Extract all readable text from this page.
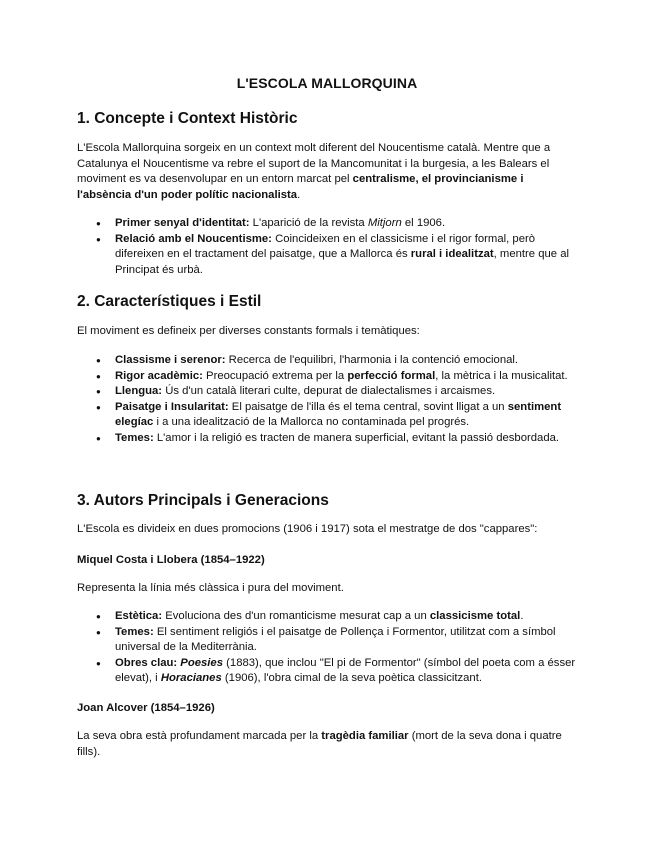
L'ESCOLA MALLORQUINA
1. Concepte i Context Històric

L'Escola Mallorquina sorgeix en un context molt diferent del Noucentisme català. Mentre que a Catalunya el Noucentisme va rebre el suport de la Mancomunitat i la burgesia, a les Balears el moviment es va desenvolupar en un entorn marcat pel centralisme, el provincianisme i l'absència d'un poder polític nacionalista.

● Primer senyal d'identitat: L'aparició de la revista Mitjorn el 1906.
● Relació amb el Noucentisme: Coincideixen en el classicisme i el rigor formal, però difereixen en el tractament del paisatge, que a Mallorca és rural i idealitzat, mentre que al Principat és urbà.
2. Característiques i Estil

El moviment es defineix per diverses constants formals i temàtiques:

● Classisme i serenor: Recerca de l'equilibri, l'harmonia i la contenció emocional.
● Rigor acadèmic: Preocupació extrema per la perfecció formal, la mètrica i la musicalitat.
● Llengua: Ús d'un català literari culte, depurat de dialectalismes i arcaismes.
● Paisatge i Insularitat: El paisatge de l'illa és el tema central, sovint lligat a un sentiment elegíac i a una idealització de la Mallorca no contaminada pel progrés.
● Temes: L'amor i la religió es tracten de manera superficial, evitant la passió desbordada.
3. Autors Principals i Generacions

L'Escola es divideix en dues promocions (1906 i 1917) sota el mestratge de dos "cappares":

Miquel Costa i Llobera (1854–1922)

Representa la línia més clàssica i pura del moviment.

● Estètica: Evoluciona des d'un romanticisme mesurat cap a un classicisme total.
● Temes: El sentiment religiós i el paisatge de Pollença i Formentor, utilitzat com a símbol universal de la Mediterrània.
● Obres clau: Poesies (1883), que inclou "El pi de Formentor" (símbol del poeta com a ésser elevat), i Horacianes (1906), l'obra cimal de la seva poètica classicitzant.

Joan Alcover (1854–1926)

La seva obra està profundament marcada per la tragèdia familiar (mort de la seva dona i quatre fills).
